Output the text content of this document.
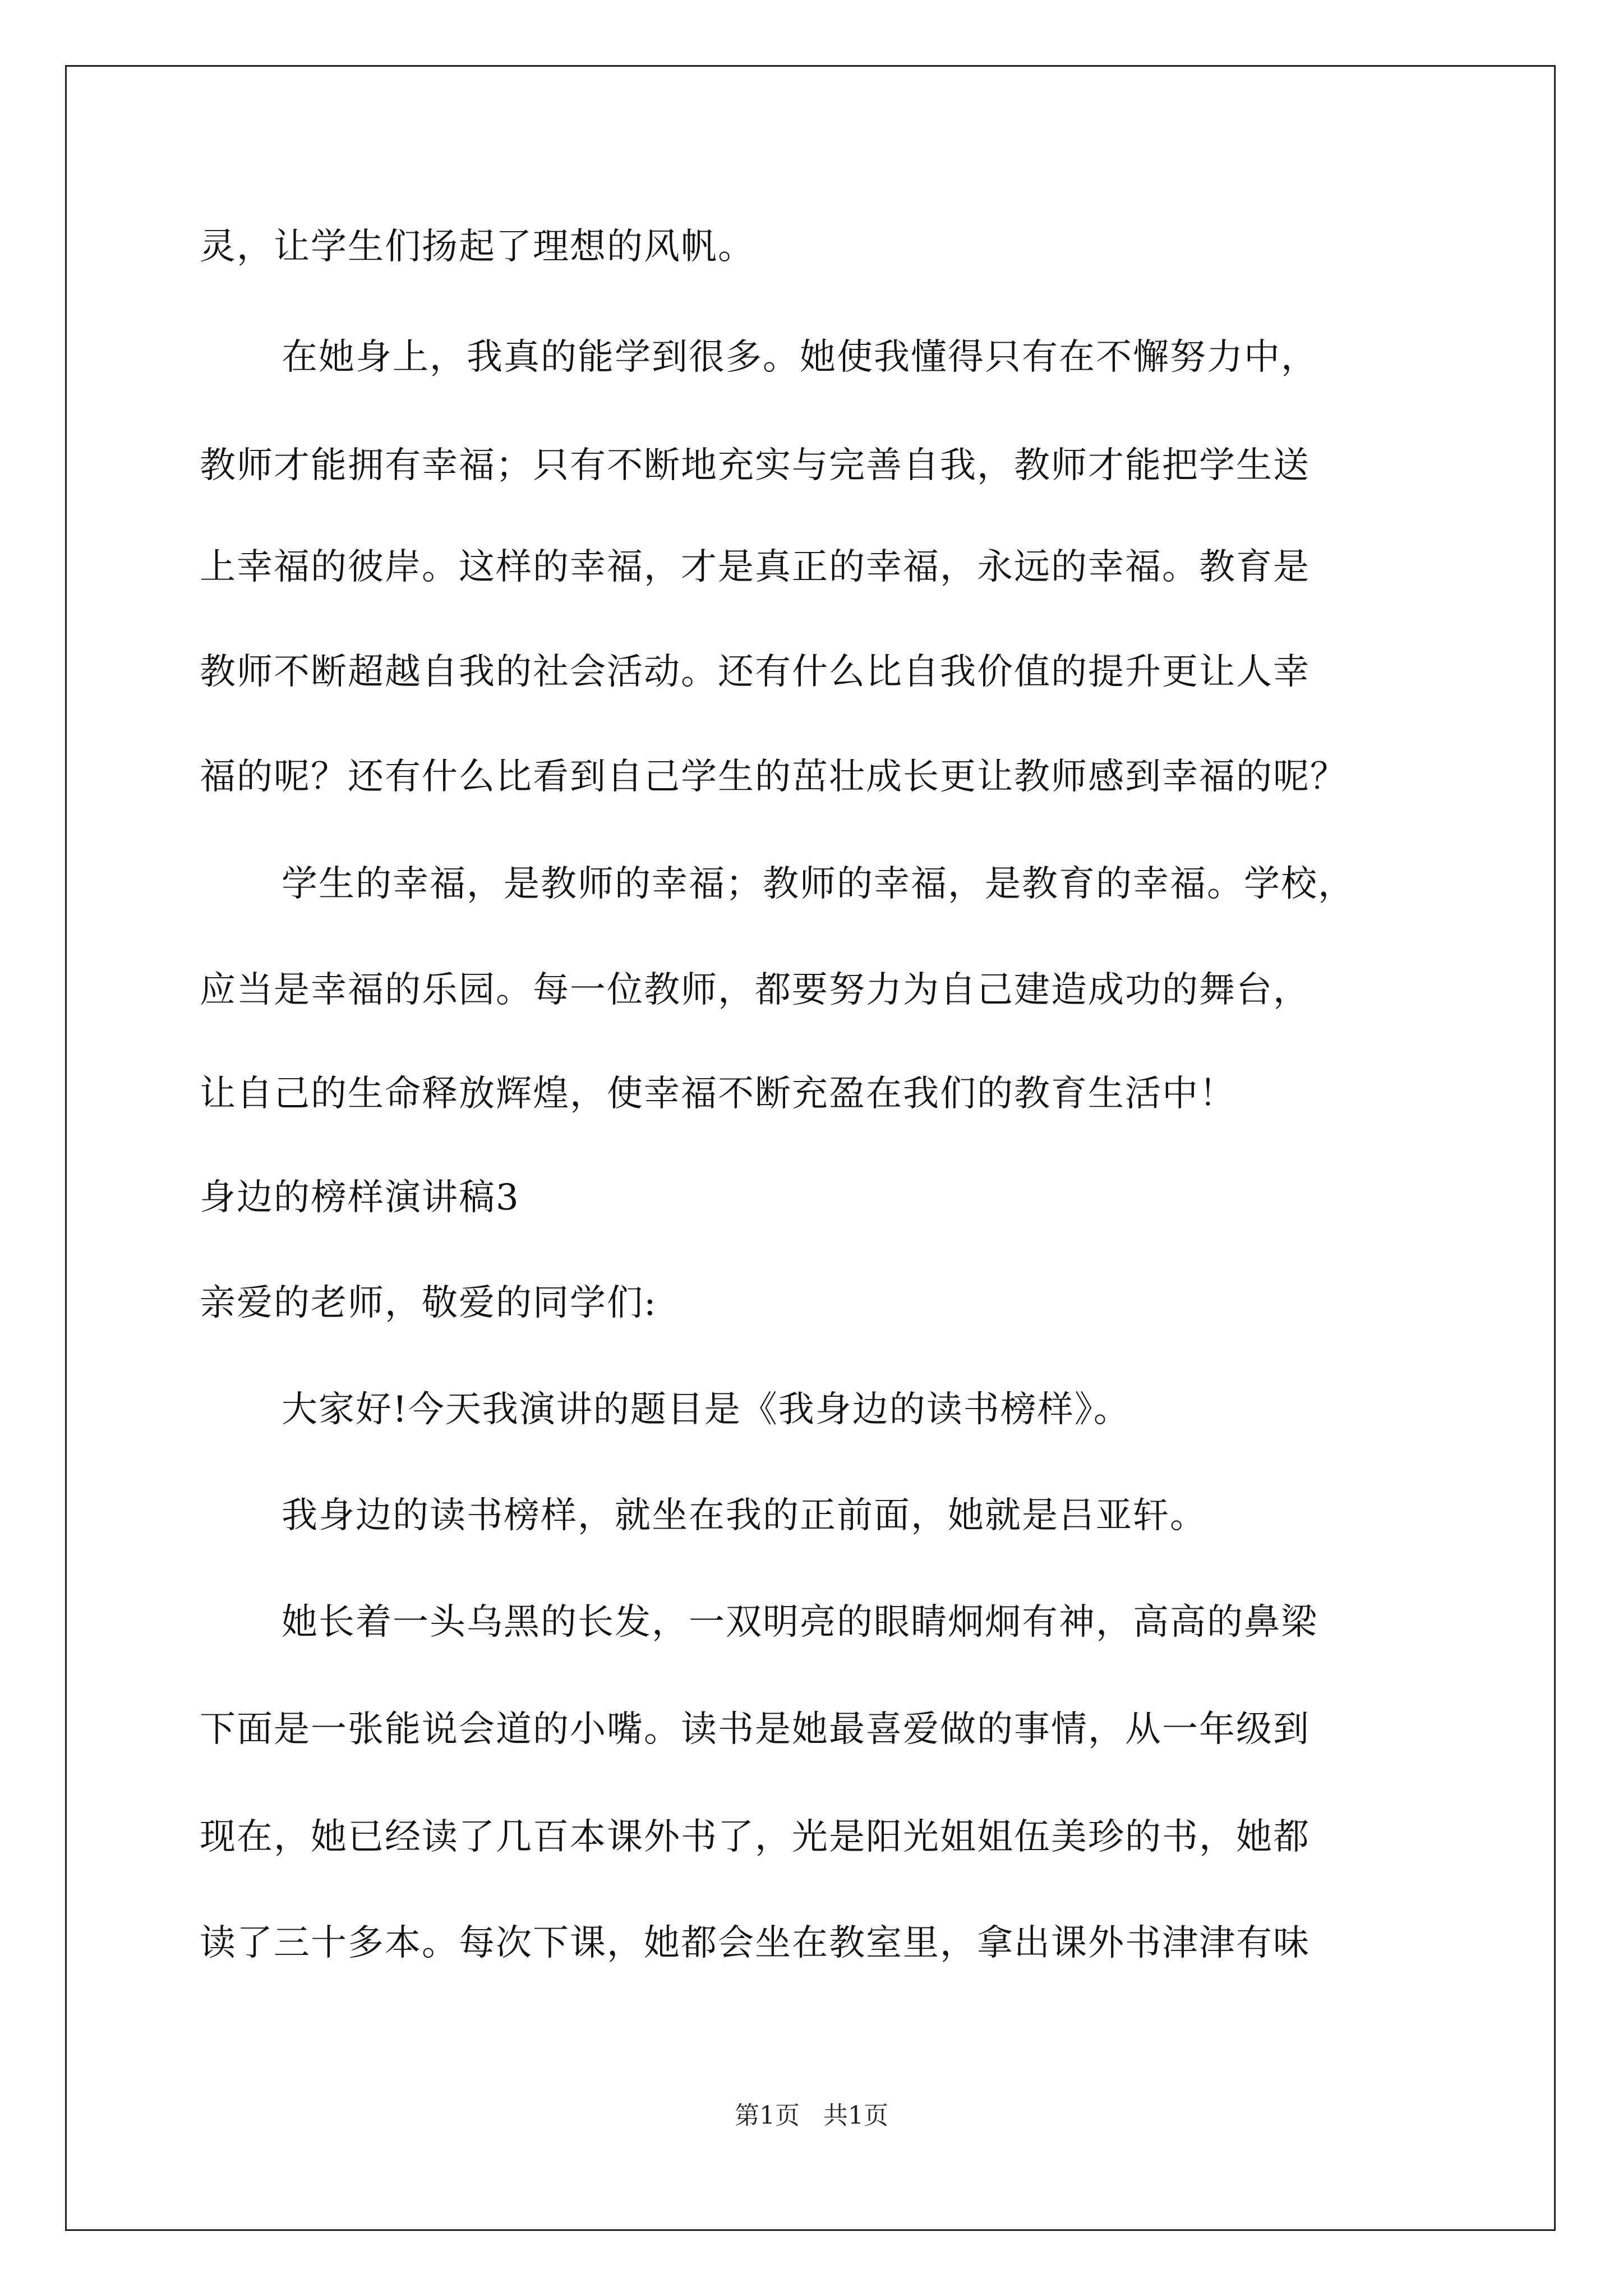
灵，让学生们扬起了理想的风帆。
在她身上，我真的能学到很多。她使我懂得只有在不懈努力中，
教师才能拥有幸福；只有不断地充实与完善自我，教师才能把学生送
上幸福的彼岸。这样的幸福，才是真正的幸福，永远的幸福。教育是
教师不断超越自我的社会活动。还有什么比自我价值的提升更让人幸
福的呢？还有什么比看到自己学生的茁壮成长更让教师感到幸福的呢？
学生的幸福，是教师的幸福；教师的幸福，是教育的幸福。学校，
应当是幸福的乐园。每一位教师，都要努力为自己建造成功的舞台，
让自己的生命释放辉煌，使幸福不断充盈在我们的教育生活中！
身边的榜样演讲稿3
亲爱的老师，敬爱的同学们:
大家好!今天我演讲的题目是《我身边的读书榜样》。
我身边的读书榜样，就坐在我的正前面，她就是吕亚轩。
她长着一头乌黑的长发，一双明亮的眼睛炯炯有神，高高的鼻梁
下面是一张能说会道的小嘴。读书是她最喜爱做的事情，从一年级到
现在，她已经读了几百本课外书了，光是阳光姐姐伍美珍的书，她都
读了三十多本。每次下课，她都会坐在教室里，拿出课外书津津有味
第1页 共1页
